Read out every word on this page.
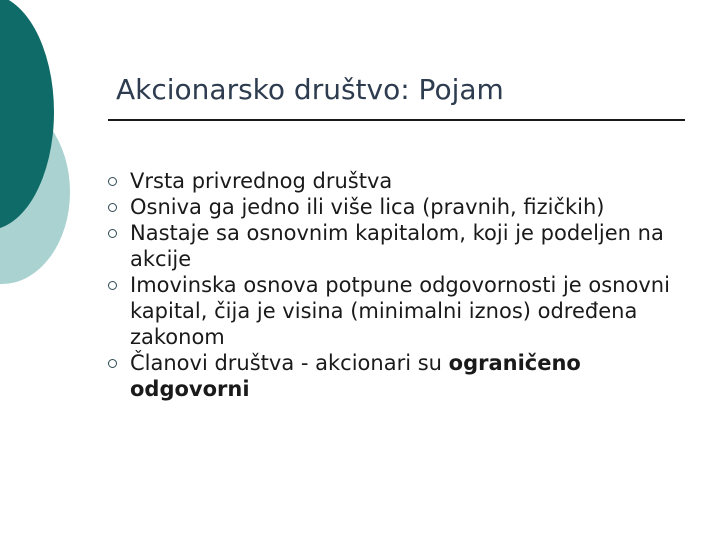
Akcionarsko društvo: Pojam
Vrsta privrednog društva
Osniva ga jedno ili više lica (pravnih, fizičkih)
Nastaje sa osnovnim kapitalom, koji je podeljen na akcije
Imovinska osnova potpune odgovornosti je osnovni kapital, čija je visina (minimalni iznos) određena zakonom
Članovi društva - akcionari su ograničeno odgovorni
